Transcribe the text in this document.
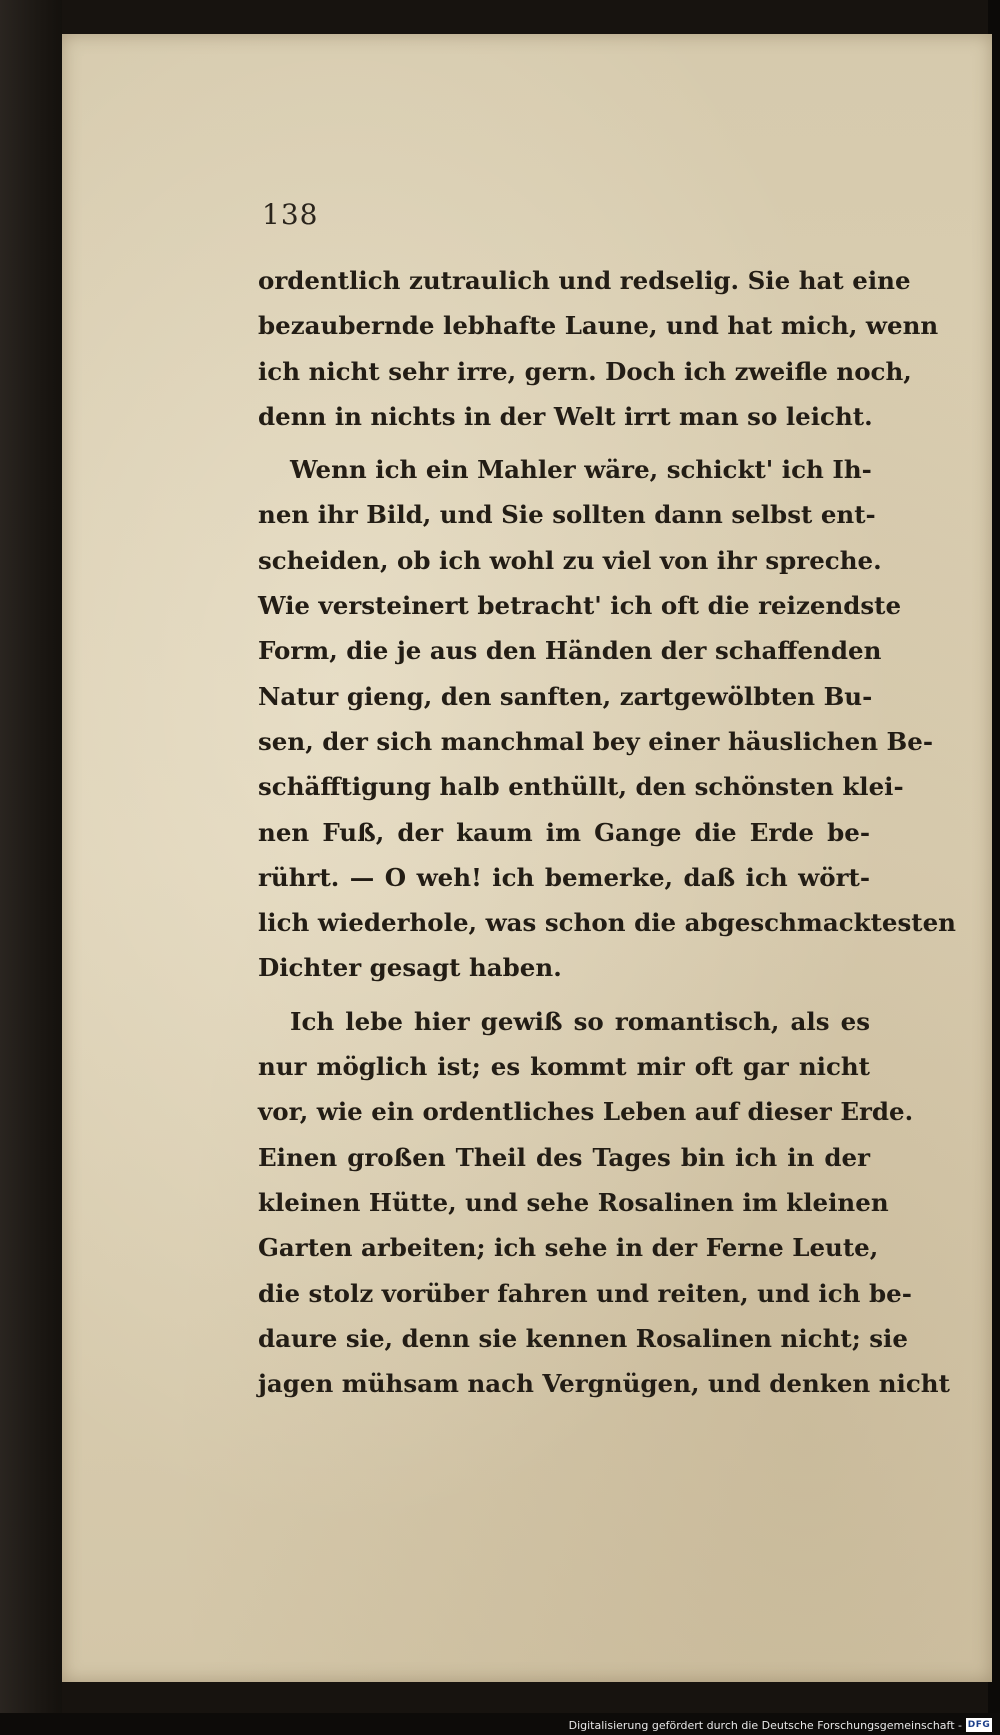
138
ordentlich zutraulich und redselig. Sie hat eine
bezaubernde lebhafte Laune, und hat mich, wenn
ich nicht sehr irre, gern. Doch ich zweifle noch,
denn in nichts in der Welt irrt man so leicht.
Wenn ich ein Mahler wäre, schickt' ich Ih-
nen ihr Bild, und Sie sollten dann selbst ent-
scheiden, ob ich wohl zu viel von ihr spreche.
Wie versteinert betracht' ich oft die reizendste
Form, die je aus den Händen der schaffenden
Natur gieng, den sanften, zartgewölbten Bu-
sen, der sich manchmal bey einer häuslichen Be-
schäfftigung halb enthüllt, den schönsten klei-
nen Fuß, der kaum im Gange die Erde be-
rührt. — O weh! ich bemerke, daß ich wört-
lich wiederhole, was schon die abgeschmacktesten
Dichter gesagt haben.
Ich lebe hier gewiß so romantisch, als es
nur möglich ist; es kommt mir oft gar nicht
vor, wie ein ordentliches Leben auf dieser Erde.
Einen großen Theil des Tages bin ich in der
kleinen Hütte, und sehe Rosalinen im kleinen
Garten arbeiten; ich sehe in der Ferne Leute,
die stolz vorüber fahren und reiten, und ich be-
daure sie, denn sie kennen Rosalinen nicht; sie
jagen mühsam nach Vergnügen, und denken nicht
Digitalisierung gefördert durch die Deutsche Forschungsgemeinschaft - DFG
